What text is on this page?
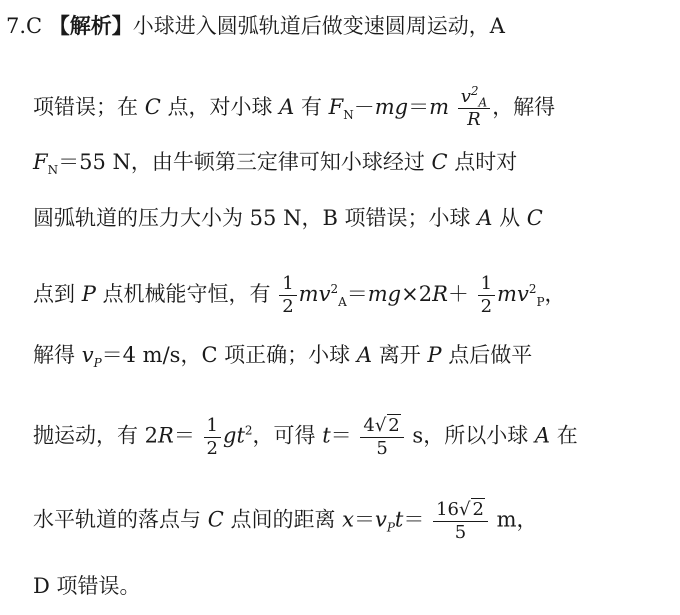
7.C 【解析】小球进入圆弧轨道后做变速圆周运动，A
项错误；在 C 点，对小球 A 有 $F_N-mg=m \frac{v^2_A}{R}$ ，解得
$F_N=55$ N，由牛顿第三定律可知小球经过 C 点时对
圆弧轨道的压力大小为 55 N，B 项错误；小球 A 从 C
点到 P 点机械能守恒，有 $\frac{1}{2} mv^2_A=mg\times 2R+ \frac{1}{2} mv^2_P$，
解得 $v_P=4$ m/s，C 项正确；小球 A 离开 P 点后做平
抛运动，有 $2R= \frac{1}{2} gt^2$，可得 $t= \frac{4√ 2}{5}$ s，所以小球 A 在
水平轨道的落点与 C 点间的距离 $x=v_Pt= \frac{16√ 2}{5}$ m，
D 项错误。
